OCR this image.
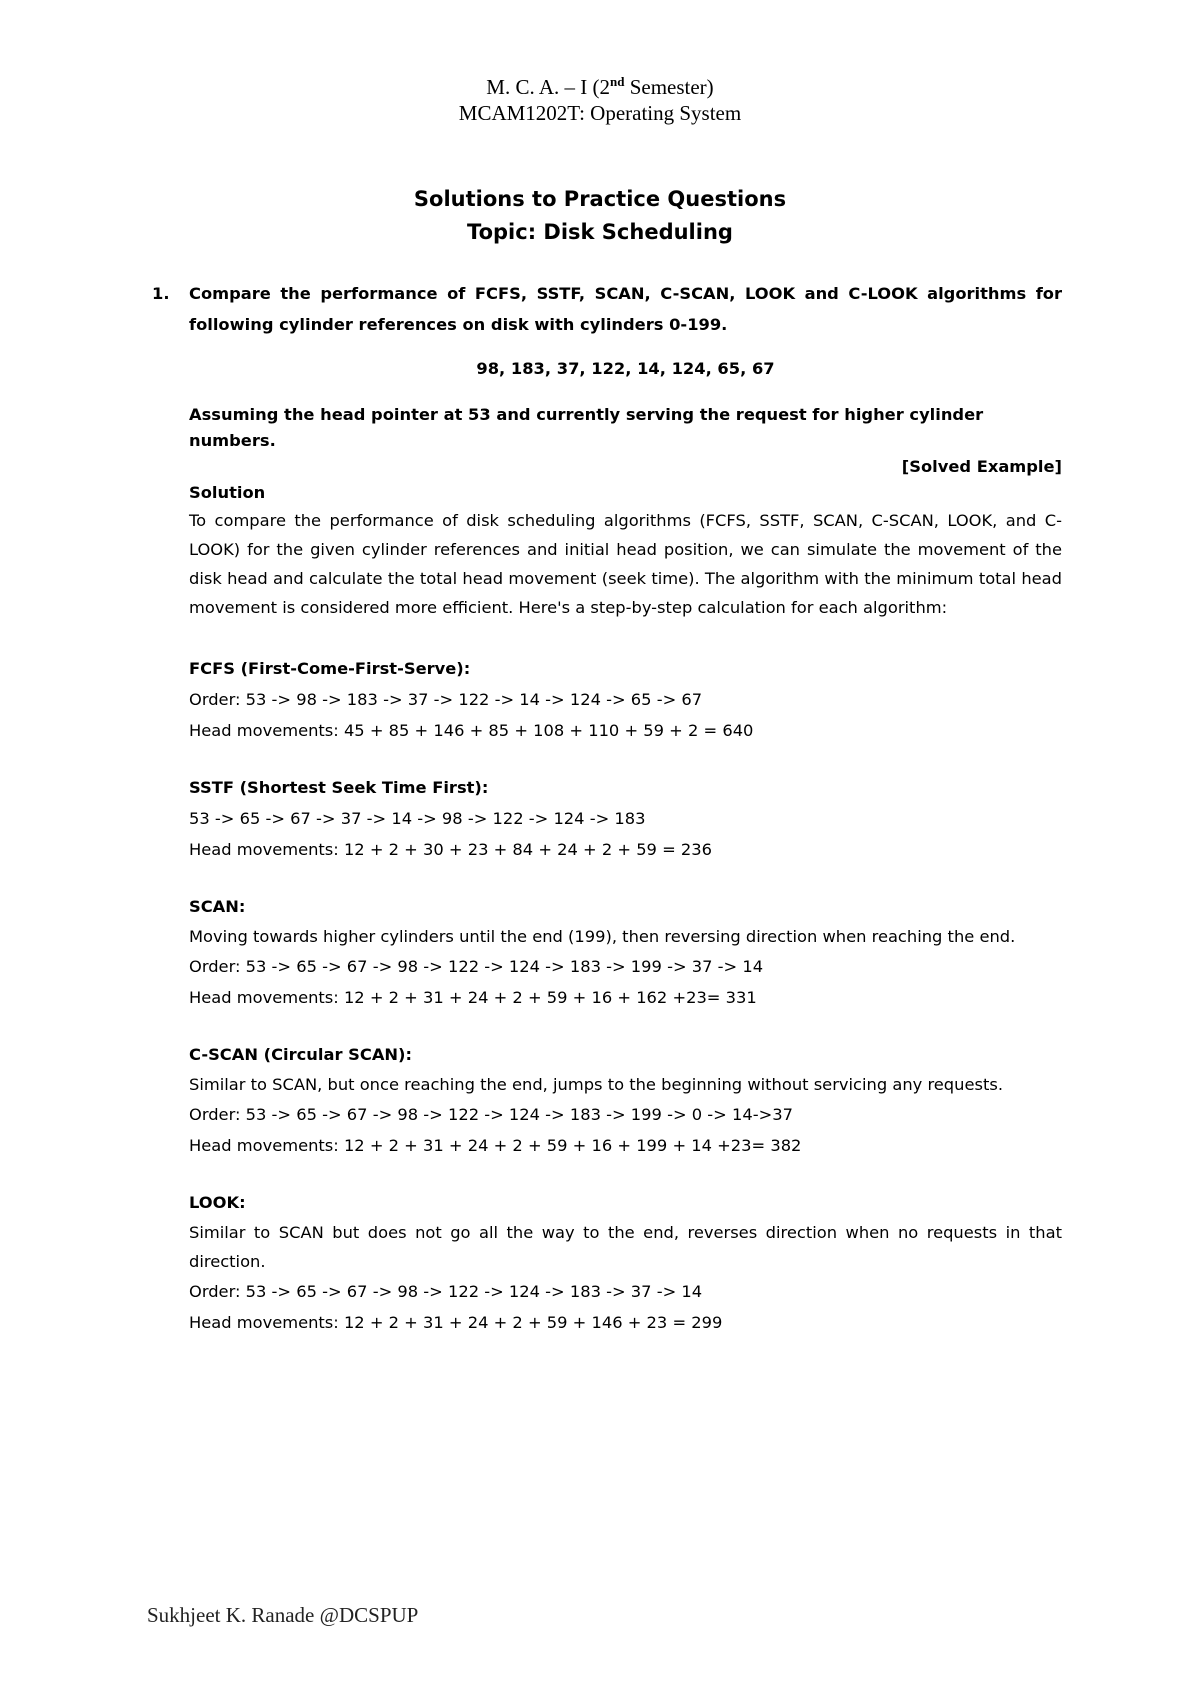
M. C. A. – I (2nd Semester)
MCAM1202T: Operating System
Solutions to Practice Questions
Topic: Disk Scheduling
1. Compare the performance of FCFS, SSTF, SCAN, C-SCAN, LOOK and C-LOOK algorithms for following cylinder references on disk with cylinders 0-199.
98, 183, 37, 122, 14, 124, 65, 67
Assuming the head pointer at 53 and currently serving the request for higher cylinder numbers.
[Solved Example]
Solution
To compare the performance of disk scheduling algorithms (FCFS, SSTF, SCAN, C-SCAN, LOOK, and C-LOOK) for the given cylinder references and initial head position, we can simulate the movement of the disk head and calculate the total head movement (seek time). The algorithm with the minimum total head movement is considered more efficient. Here's a step-by-step calculation for each algorithm:
FCFS (First-Come-First-Serve):
Order: 53 -> 98 -> 183 -> 37 -> 122 -> 14 -> 124 -> 65 -> 67
Head movements: 45 + 85 + 146 + 85 + 108 + 110 + 59 + 2 = 640
SSTF (Shortest Seek Time First):
53 -> 65 -> 67 -> 37 -> 14 -> 98 -> 122 -> 124 -> 183
Head movements: 12 + 2 + 30 + 23 + 84 + 24 + 2 + 59 = 236
SCAN:
Moving towards higher cylinders until the end (199), then reversing direction when reaching the end.
Order: 53 -> 65 -> 67 -> 98 -> 122 -> 124 -> 183 -> 199 -> 37 -> 14
Head movements: 12 + 2 + 31 + 24 + 2 + 59 + 16 + 162 +23= 331
C-SCAN (Circular SCAN):
Similar to SCAN, but once reaching the end, jumps to the beginning without servicing any requests.
Order: 53 -> 65 -> 67 -> 98 -> 122 -> 124 -> 183 -> 199 -> 0 -> 14->37
Head movements: 12 + 2 + 31 + 24 + 2 + 59 + 16 + 199 + 14 +23= 382
LOOK:
Similar to SCAN but does not go all the way to the end, reverses direction when no requests in that direction.
Order: 53 -> 65 -> 67 -> 98 -> 122 -> 124 -> 183 -> 37 -> 14
Head movements: 12 + 2 + 31 + 24 + 2 + 59 + 146 + 23 = 299
Sukhjeet K. Ranade @DCSPUP
